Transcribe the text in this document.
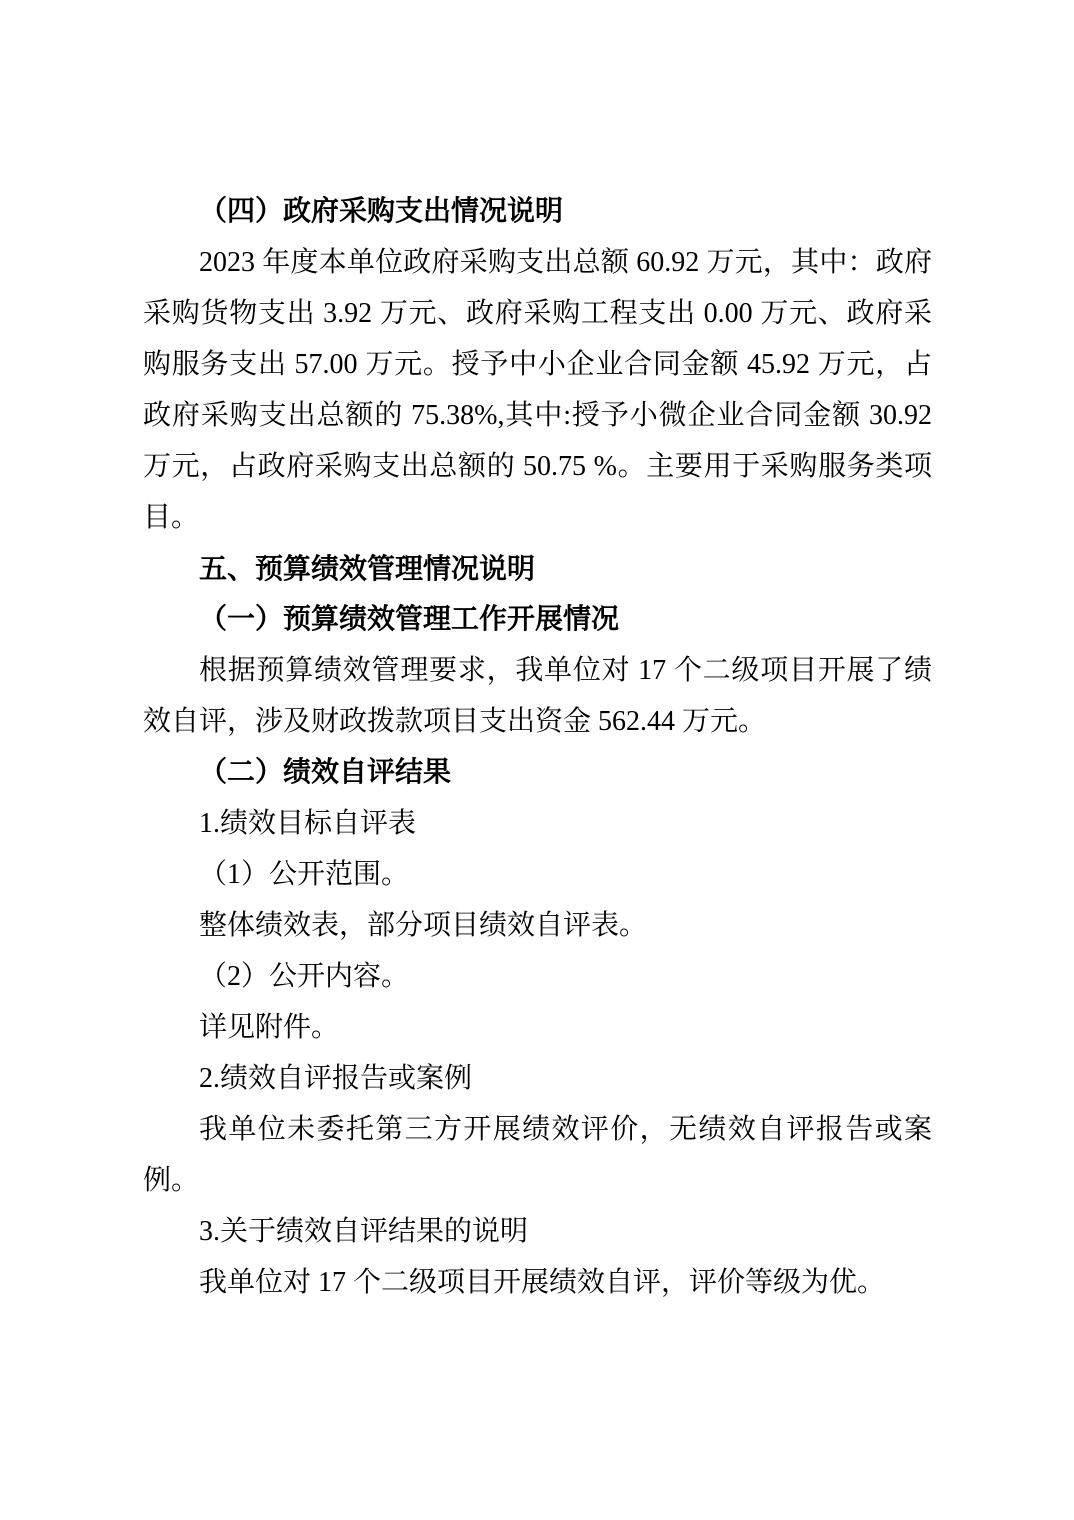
（四）政府采购支出情况说明

2023 年度本单位政府采购支出总额 60.92 万元，其中：政府采购货物支出 3.92 万元、政府采购工程支出 0.00 万元、政府采购服务支出 57.00 万元。授予中小企业合同金额 45.92 万元，占政府采购支出总额的 75.38%,其中:授予小微企业合同金额 30.92 万元，占政府采购支出总额的 50.75 %。主要用于采购服务类项目。

五、预算绩效管理情况说明

（一）预算绩效管理工作开展情况

根据预算绩效管理要求，我单位对 17 个二级项目开展了绩效自评，涉及财政拨款项目支出资金 562.44 万元。

（二）绩效自评结果

1.绩效目标自评表

（1）公开范围。

整体绩效表，部分项目绩效自评表。

（2）公开内容。

详见附件。

2.绩效自评报告或案例

我单位未委托第三方开展绩效评价，无绩效自评报告或案例。

3.关于绩效自评结果的说明

我单位对 17 个二级项目开展绩效自评，评价等级为优。
